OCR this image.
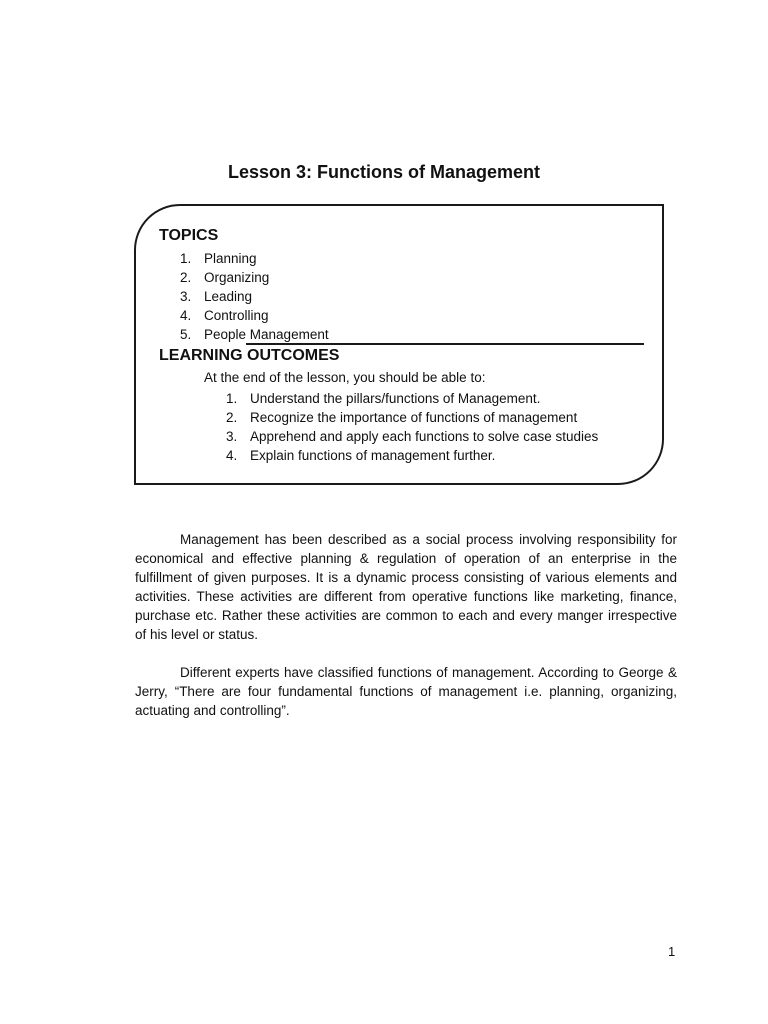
Lesson 3: Functions of Management
TOPICS
1. Planning
2. Organizing
3. Leading
4. Controlling
5. People Management
LEARNING OUTCOMES
At the end of the lesson, you should be able to:
1. Understand the pillars/functions of Management.
2. Recognize the importance of functions of management
3. Apprehend and apply each functions to solve case studies
4. Explain functions of management further.

Management has been described as a social process involving responsibility for economical and effective planning & regulation of operation of an enterprise in the fulfillment of given purposes. It is a dynamic process consisting of various elements and activities. These activities are different from operative functions like marketing, finance, purchase etc. Rather these activities are common to each and every manger irrespective of his level or status.

Different experts have classified functions of management. According to George & Jerry, “There are four fundamental functions of management i.e. planning, organizing, actuating and controlling”.

1
